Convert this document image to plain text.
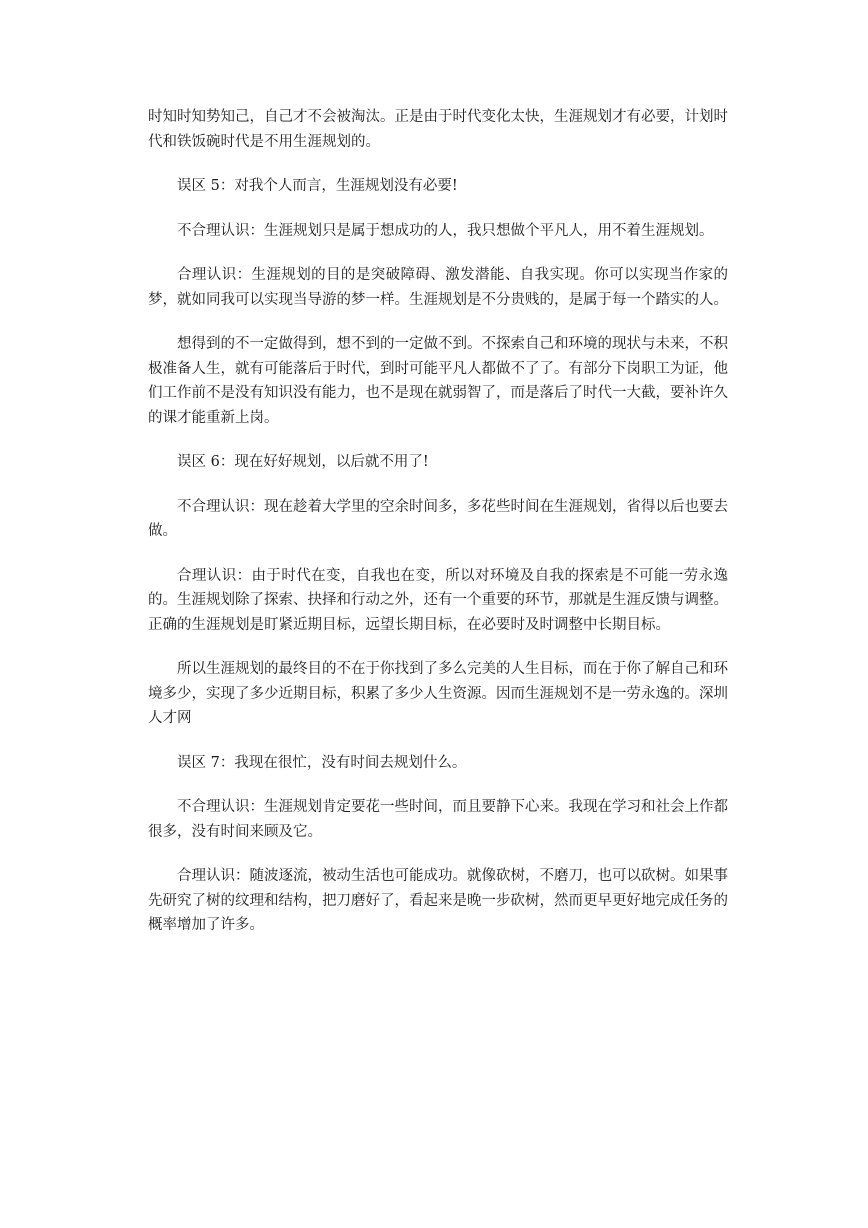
时知时知势知己，自己才不会被淘汰。正是由于时代变化太快，生涯规划才有必要，计划时代和铁饭碗时代是不用生涯规划的。

误区 5：对我个人而言，生涯规划没有必要!

不合理认识：生涯规划只是属于想成功的人，我只想做个平凡人，用不着生涯规划。

合理认识：生涯规划的目的是突破障碍、激发潜能、自我实现。你可以实现当作家的梦，就如同我可以实现当导游的梦一样。生涯规划是不分贵贱的，是属于每一个踏实的人。

想得到的不一定做得到，想不到的一定做不到。不探索自己和环境的现状与未来，不积极准备人生，就有可能落后于时代，到时可能平凡人都做不了了。有部分下岗职工为证，他们工作前不是没有知识没有能力，也不是现在就弱智了，而是落后了时代一大截，要补许久的课才能重新上岗。

误区 6：现在好好规划，以后就不用了!

不合理认识：现在趁着大学里的空余时间多，多花些时间在生涯规划，省得以后也要去做。

合理认识：由于时代在变，自我也在变，所以对环境及自我的探索是不可能一劳永逸的。生涯规划除了探索、抉择和行动之外，还有一个重要的环节，那就是生涯反馈与调整。正确的生涯规划是盯紧近期目标，远望长期目标，在必要时及时调整中长期目标。

所以生涯规划的最终目的不在于你找到了多么完美的人生目标，而在于你了解自己和环境多少，实现了多少近期目标，积累了多少人生资源。因而生涯规划不是一劳永逸的。深圳人才网

误区 7：我现在很忙，没有时间去规划什么。

不合理认识：生涯规划肯定要花一些时间，而且要静下心来。我现在学习和社会上作都很多，没有时间来顾及它。

合理认识：随波逐流，被动生活也可能成功。就像砍树，不磨刀，也可以砍树。如果事先研究了树的纹理和结构，把刀磨好了，看起来是晚一步砍树，然而更早更好地完成任务的概率增加了许多。
